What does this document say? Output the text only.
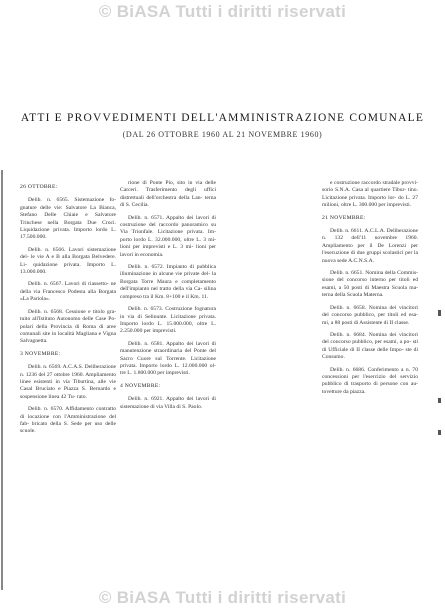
© BiASA Tutti i diritti riservati
ATTI E PROVVEDIMENTI DELL'AMMINISTRAZIONE COMUNALE
(DAL 26 OTTOBRE 1960 AL 21 NOVEMBRE 1960)

26 OTTOBRE:

Delib. n. 6565. Sistemazione fo- gnature delle vie: Salvatore La Bianca, Stefano Delle Chiaie e Salvatore Trinchese nella Borgata Due Croci. Liquidazione privata. Importo lordo L. 17.500.000.

Delib. n. 6566. Lavori sistemazione del- le vie A e B alla Borgata Belvedere. Li- quidazione privata. Importo L. 13.000.000.

Delib. n. 6567. Lavori di riassetto- ne della via Francesco Podesta alla Borgata «La Pariola».

Delib. n. 6568. Cessione e titolo gra- tuito all'Istituto Autonomo delle Case Po- polari della Provincia di Roma di aree comunali site in località Magliana e Vigna Salvagnetta.

3 NOVEMBRE:

Delib. n. 6569. A.C.A.S. Deliberazione n. 1236 del 27 ottobre 1960. Ampliamento linee esistenti in via Tiburtina, alle vie Casal Bruciato e Piazza S. Bernardo e sospensione linea 42 Tu- rato.

Delib. n. 6570. Affidamento contratto di locazione con l'Amministrazione del fab- bricato della S. Sede per uso delle scuole.

rione di Ponte Pio, sito in via delle Carceri. Trasferimento degli uffici distrettuali dell'orchestra della Lan- terna di S. Cecilia.

Delib. n. 6571. Appalto dei lavori di costruzione del raccordo panoramico su Via Trionfale. Licitazione privata. Im- porto lordo L. 32.000.000, oltre L. 3 mi- lioni per imprevisti e L. 3 mi- lioni per lavori in economia.

Delib. n. 6572. Impianto di pubblica illuminazione in alcune vie private del- la Borgata Torre Maura e completamento dell'impianto nel tratto della via Ca- silina compreso tra il Km. 8+100 e il Km. 11.

Delib. n. 6573. Costruzione fognatura in via di Selinunte. Licitazione privata. Importo lordo L. 15.000.000, oltre L. 2.250.000 per imprevisti.

Delib. n. 6581. Appalto dei lavori di manutenzione straordinaria del Ponte del Sacro Cuore sul Torrente. Licitazione privata. Importo lordo L. 12.000.000 ol- tre L. 1.800.000 per imprevisti.

4 NOVEMBRE:

Delib. n. 6921. Appalto dei lavori di sistemazione di via Villa di S. Paolo.

e costruzione raccordo stradale provvi- sorio S.N.A. Casa al quartiere Tibur- tino. Licitazione privata. Importo lor- do L. 27 milioni, oltre L. 300.000 per imprevisti.

21 NOVEMBRE:

Delib. n. 6611. A.C.L.A. Deliberazione n. 132 dell'11 novembre 1960. Ampliamento per il De Lorenzi per l'esecuzione di due gruppi scolastici per la nuova sede A.C.N.S.A.

Delib. n. 6651. Nomina della Commis- sione del concorso interno per titoli ed esami, a 50 posti di Maestra Scuola ma- terna della Scuola Materna.

Delib. n. 6658. Nomina dei vincitori del concorso pubblico, per titoli ed esa- mi, a 88 posti di Assistente di II classe.

Delib. n. 6684. Nomina dei vincitori del concorso pubblico, per esami, a po- sti di Ufficiale di II classe delle Impo- ste di Consumo.

Delib. n. 6686. Conferimento a n. 70 concessioni per l'esercizio del servizio pubblico di trasporto di persone con au- tovetture da piazza.

© BiASA Tutti i diritti riservati
